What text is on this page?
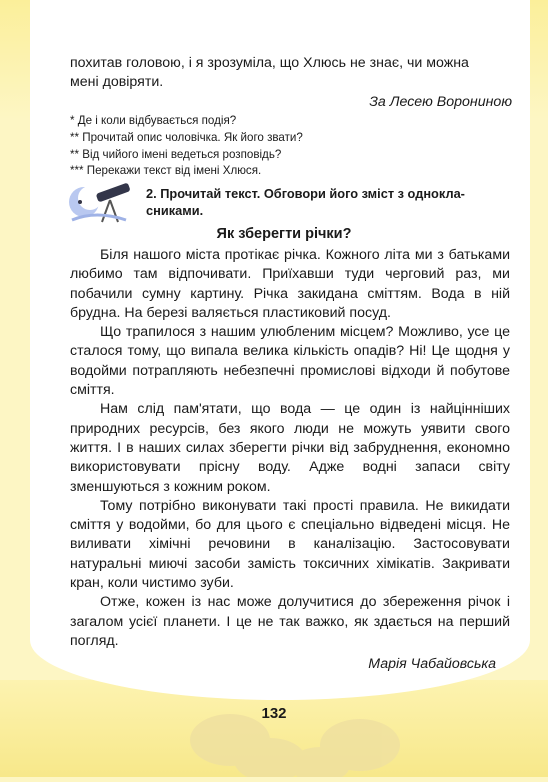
похитав головою, і я зрозуміла, що Хлюсь не знає, чи можна
мені довіряти.
За Лесею Ворониною
* Де і коли відбувається подія?
** Прочитай опис чоловічка. Як його звати?
** Від чийого імені ведеться розповідь?
*** Перекажи текст від імені Хлюся.
2. Прочитай текст. Обговори його зміст з однокла-
сниками.
Як зберегти річки?

Біля нашого міста протікає річка. Кожного літа ми з батьками любимо там відпочивати. Приїхавши туди черговий раз, ми побачили сумну картину. Річка закидана сміттям. Вода в ній брудна. На березі валяється пластиковий посуд.

Що трапилося з нашим улюбленим місцем? Можливо, усе це сталося тому, що випала велика кількість опадів? Ні! Це щодня у водойми потрапляють небезпечні промислові відходи й побутове сміття.

Нам слід пам'ятати, що вода — це один із найцінніших природних ресурсів, без якого люди не можуть уявити свого життя. І в наших силах зберегти річки від забруднення, економно використовувати прісну воду. Адже водні запаси світу зменшуються з кожним роком.

Тому потрібно виконувати такі прості правила. Не викидати сміття у водойми, бо для цього є спеціально відведені місця. Не виливати хімічні речовини в каналізацію. Застосовувати натуральні миючі засоби замість токсичних хімікатів. Закривати кран, коли чистимо зуби.

Отже, кожен із нас може долучитися до збереження річок і загалом усієї планети. І це не так важко, як здається на перший погляд.

Марія Чабайовська
132
